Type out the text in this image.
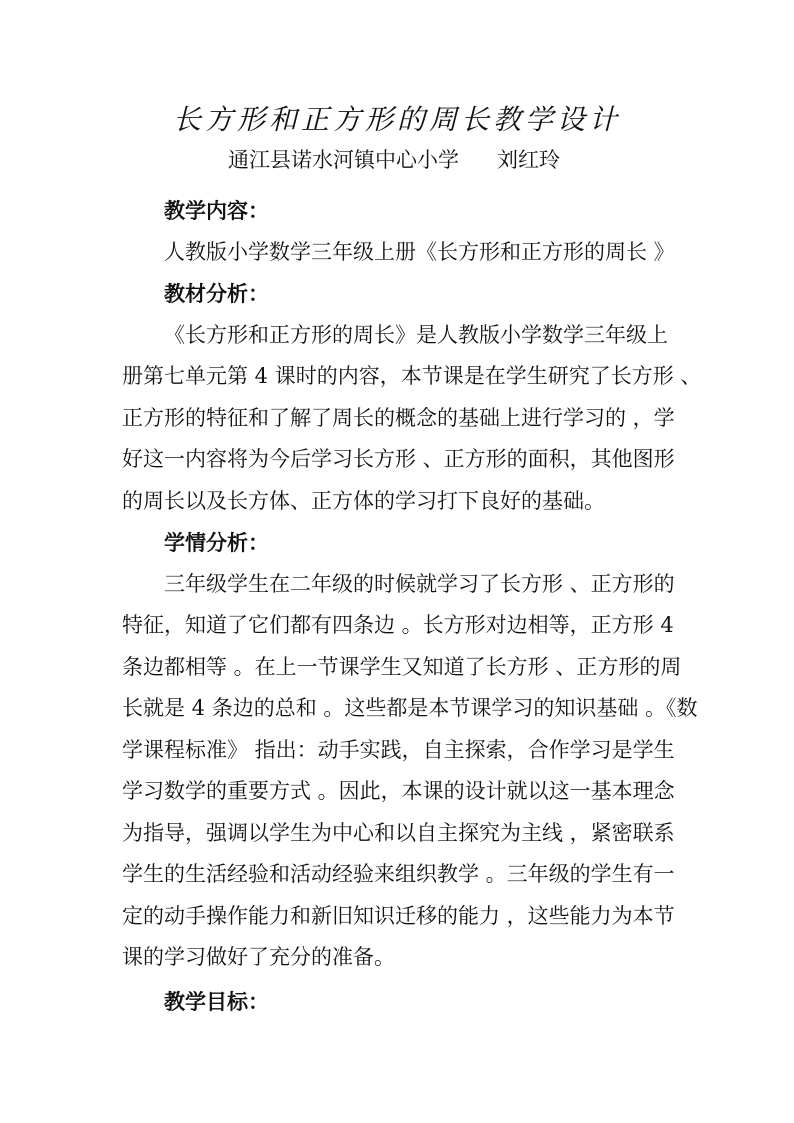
长方形和正方形的周长教学设计
通江县诺水河镇中心小学 刘红玲
教学内容：
人教版小学数学三年级上册《长方形和正方形的周长 》
教材分析：
《长方形和正方形的周长》是人教版小学数学三年级上
册第七单元第 4 课时的内容，本节课是在学生研究了长方形 、
正方形的特征和了解了周长的概念的基础上进行学习的 ，学
好这一内容将为今后学习长方形 、正方形的面积，其他图形
的周长以及长方体、正方体的学习打下良好的基础。
学情分析：
三年级学生在二年级的时候就学习了长方形 、正方形的
特征，知道了它们都有四条边 。长方形对边相等，正方形 4
条边都相等 。在上一节课学生又知道了长方形 、正方形的周
长就是 4 条边的总和 。这些都是本节课学习的知识基础 。《数
学课程标准》 指出：动手实践，自主探索，合作学习是学生
学习数学的重要方式 。因此，本课的设计就以这一基本理念
为指导，强调以学生为中心和以自主探究为主线 ，紧密联系
学生的生活经验和活动经验来组织教学 。三年级的学生有一
定的动手操作能力和新旧知识迁移的能力 ，这些能力为本节
课的学习做好了充分的准备。
教学目标：
